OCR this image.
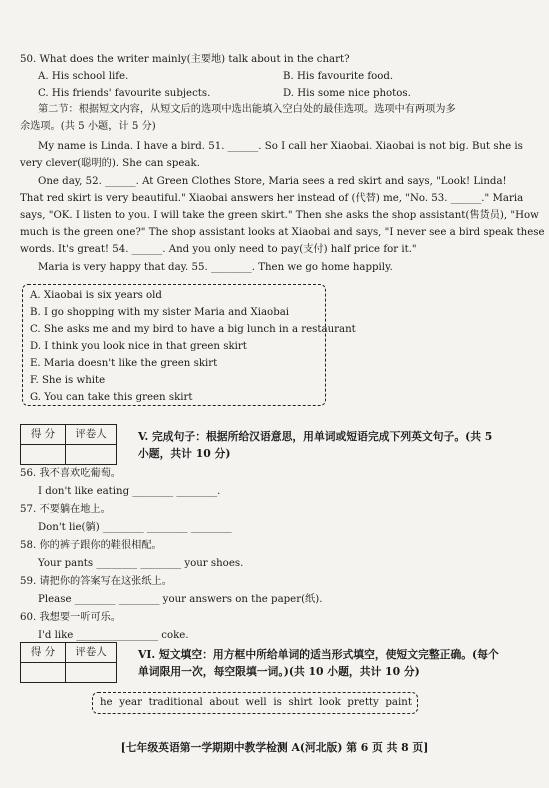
50. What does the writer mainly(主要地) talk about in the chart?
A. His school life.	B. His favourite food.
C. His friends' favourite subjects.	D. His some nice photos.
第二节：根据短文内容，从短文后的选项中选出能填入空白处的最佳选项。选项中有两项为多
余选项。(共 5 小题，计 5 分)
My name is Linda. I have a bird. 51. ______. So I call her Xiaobai. Xiaobai is not big. But she is
very clever(聪明的). She can speak.
One day, 52. ______. At Green Clothes Store, Maria sees a red skirt and says, "Look! Linda!
That red skirt is very beautiful." Xiaobai answers her instead of (代替) me, "No. 53. ______." Maria
says, "OK. I listen to you. I will take the green skirt." Then she asks the shop assistant(售货员), "How
much is the green one?" The shop assistant looks at Xiaobai and says, "I never see a bird speak these
words. It's great! 54. ______. And you only need to pay(支付) half price for it."
Maria is very happy that day. 55. ________. Then we go home happily.
A. Xiaobai is six years old
B. I go shopping with my sister Maria and Xiaobai
C. She asks me and my bird to have a big lunch in a restaurant
D. I think you look nice in that green skirt
E. Maria doesn't like the green skirt
F. She is white
G. You can take this green skirt
得 分	评卷人
		V. 完成句子：根据所给汉语意思，用单词或短语完成下列英文句子。(共 5
小题，共计 10 分)
56. 我不喜欢吃葡萄。
I don't like eating ________ ________.
57. 不要躺在地上。
Don't lie(躺) ________ ________ ________
58. 你的裤子跟你的鞋很相配。
Your pants ________ ________ your shoes.
59. 请把你的答案写在这张纸上。
Please ________ ________ your answers on the paper(纸).
60. 我想要一听可乐。
I'd like ________________ coke.
得 分	评卷人
		VI. 短文填空：用方框中所给单词的适当形式填空，使短文完整正确。(每个
单词限用一次，每空限填一词。)(共 10 小题，共计 10 分)
he year traditional about well is shirt look pretty paint
[七年级英语第一学期期中教学检测 A(河北版) 第 6 页 共 8 页]
